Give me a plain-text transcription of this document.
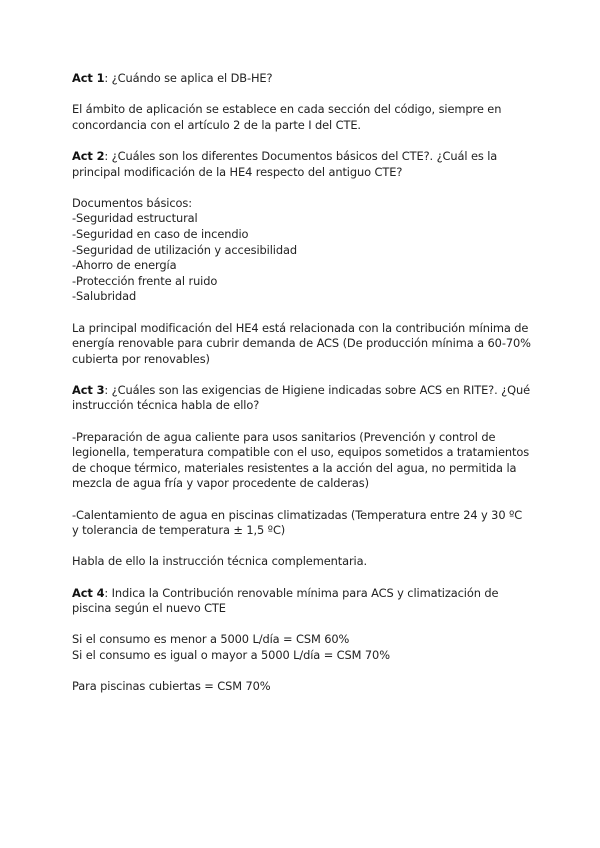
Act 1: ¿Cuándo se aplica el DB-HE?

El ámbito de aplicación se establece en cada sección del código, siempre en concordancia con el artículo 2 de la parte I del CTE.

Act 2: ¿Cuáles son los diferentes Documentos básicos del CTE?. ¿Cuál es la principal modificación de la HE4 respecto del antiguo CTE?

Documentos básicos:

-Seguridad estructural
-Seguridad en caso de incendio
-Seguridad de utilización y accesibilidad
-Ahorro de energía
-Protección frente al ruido
-Salubridad

La principal modificación del HE4 está relacionada con la contribución mínima de energía renovable para cubrir demanda de ACS (De producción mínima a 60-70% cubierta por renovables)

Act 3: ¿Cuáles son las exigencias de Higiene indicadas sobre ACS en RITE?. ¿Qué instrucción técnica habla de ello?

-Preparación de agua caliente para usos sanitarios (Prevención y control de legionella, temperatura compatible con el uso, equipos sometidos a tratamientos de choque térmico, materiales resistentes a la acción del agua, no permitida la mezcla de agua fría y vapor procedente de calderas)

-Calentamiento de agua en piscinas climatizadas (Temperatura entre 24 y 30 ºC y tolerancia de temperatura ± 1,5 ºC)

Habla de ello la instrucción técnica complementaria.

Act 4: Indica la Contribución renovable mínima para ACS y climatización de piscina según el nuevo CTE

Si el consumo es menor a 5000 L/día = CSM 60%

Si el consumo es igual o mayor a 5000 L/día = CSM 70%

Para piscinas cubiertas = CSM 70%
